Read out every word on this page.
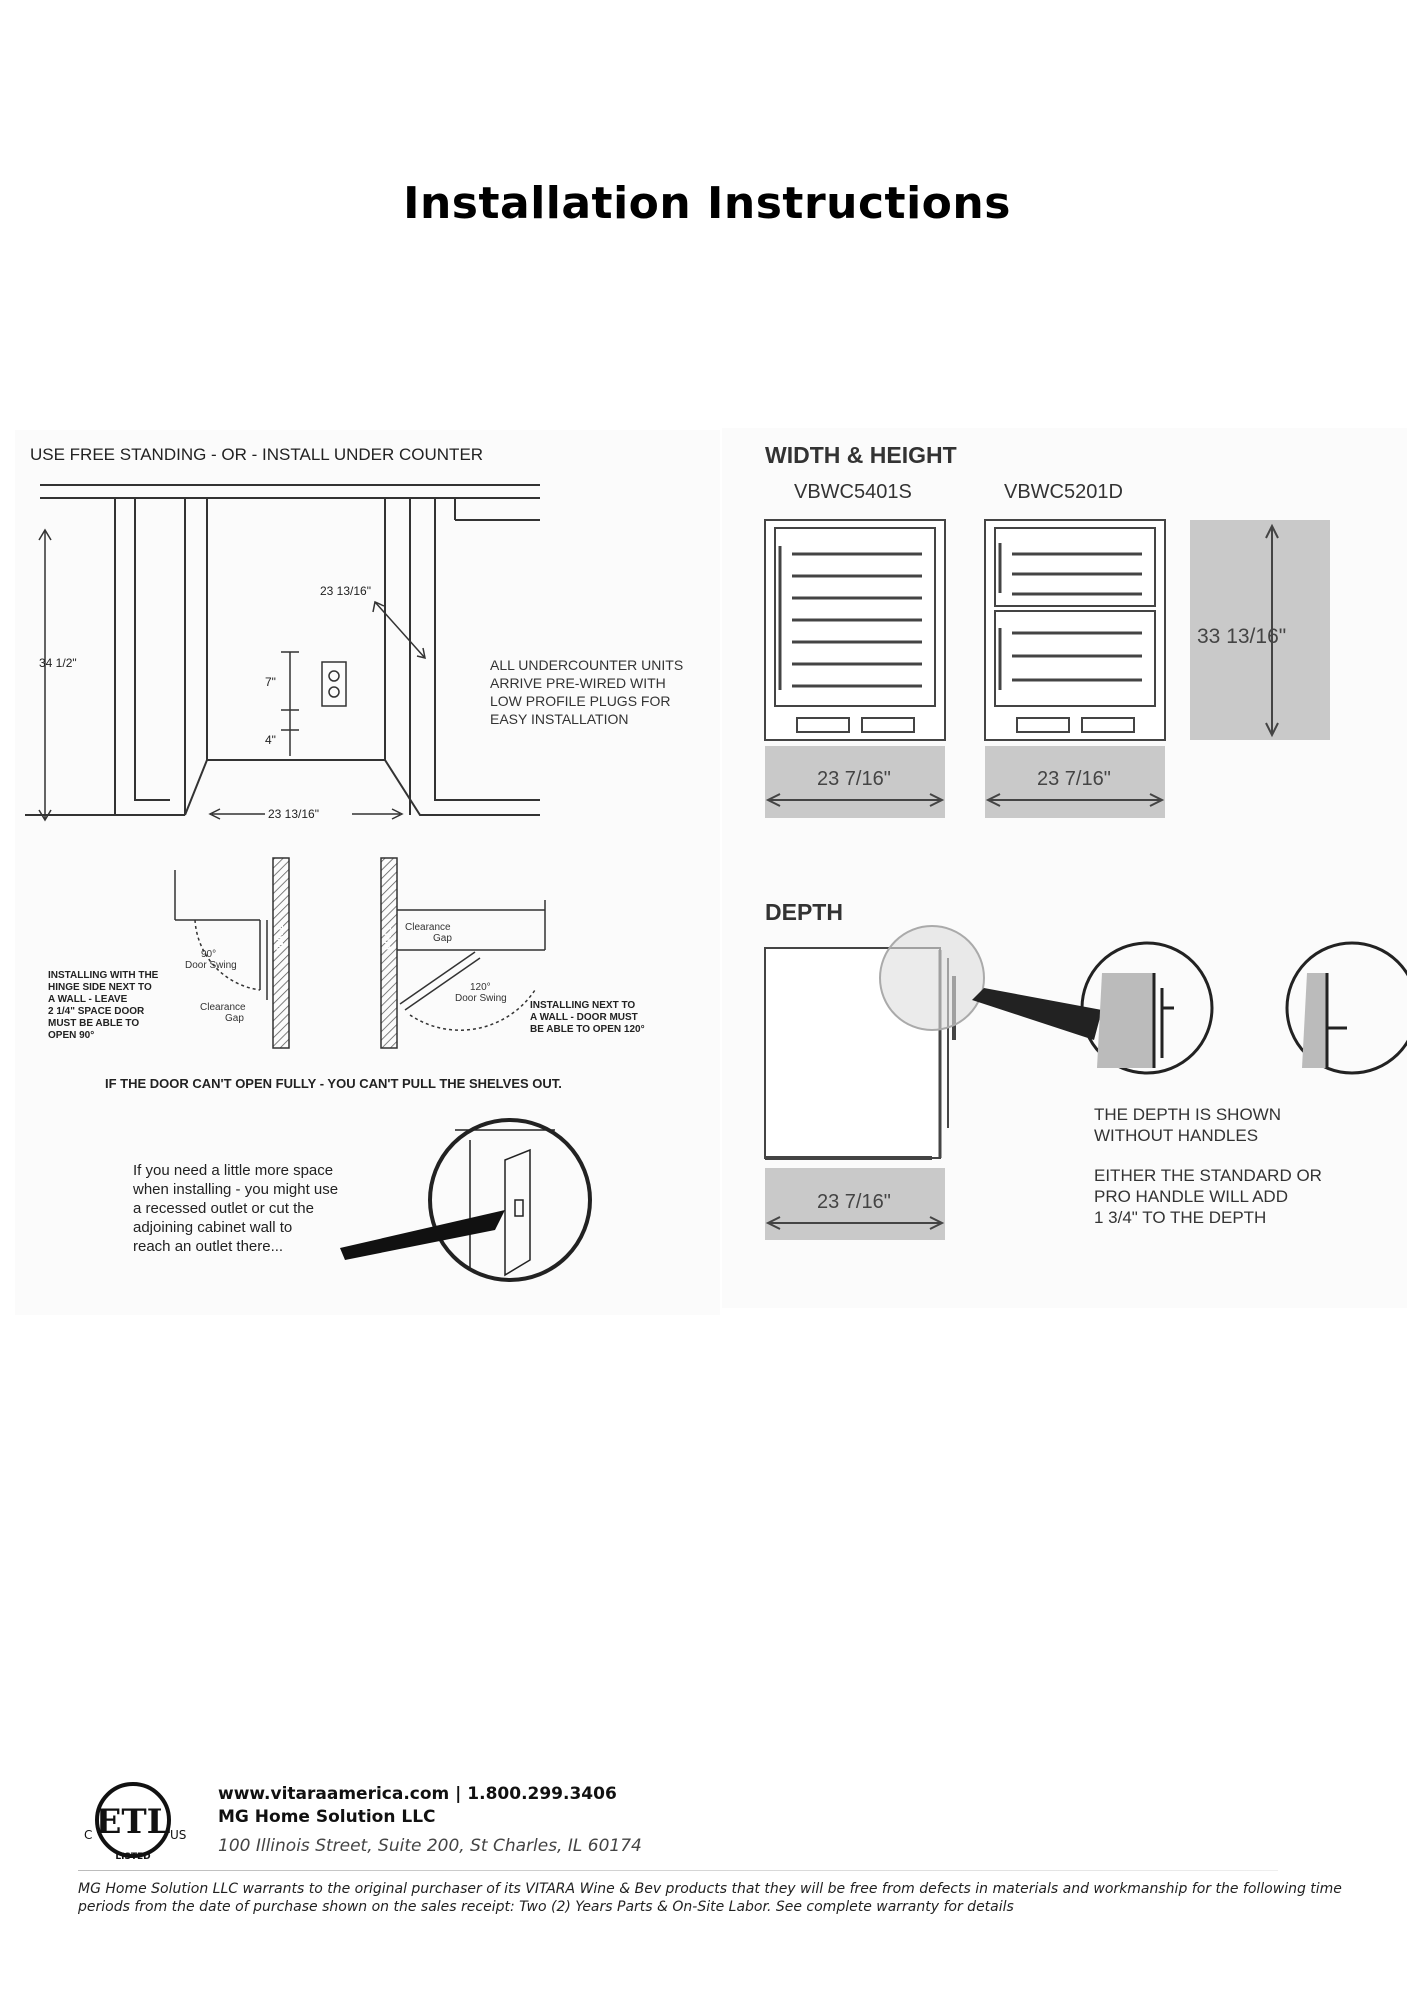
Installation Instructions
USE FREE STANDING - OR - INSTALL UNDER COUNTER
34 1/2"
23 13/16"
7"
4"
23 13/16"
ALL UNDERCOUNTER UNITS
ARRIVE PRE-WIRED WITH
LOW PROFILE PLUGS FOR
EASY INSTALLATION
WALL	WALL
90°
Door Swing
Clearance
Gap
Clearance
Gap
120°
Door Swing
INSTALLING WITH THE
HINGE SIDE NEXT TO
A WALL - LEAVE
2 1/4" SPACE DOOR
MUST BE ABLE TO
OPEN 90°
INSTALLING NEXT TO
A WALL - DOOR MUST
BE ABLE TO OPEN 120°
IF THE DOOR CAN'T OPEN FULLY - YOU CAN'T PULL THE SHELVES OUT.
If you need a little more space
when installing - you might use
a recessed outlet or cut the
adjoining cabinet wall to
reach an outlet there...
WIDTH & HEIGHT
VBWC5401S	VBWC5201D
33 13/16"
23 7/16"	23 7/16"
DEPTH
THE DEPTH IS SHOWN
WITHOUT HANDLES
EITHER THE STANDARD OR
PRO HANDLE WILL ADD
1 3/4" TO THE DEPTH
23 7/16"
ETL
C	US
LISTED
www.vitaraamerica.com | 1.800.299.3406
MG Home Solution LLC
100 Illinois Street, Suite 200, St Charles, IL 60174
MG Home Solution LLC warrants to the original purchaser of its VITARA Wine & Bev products that they will be free from defects in materials and workmanship for the following time periods from the date of purchase shown on the sales receipt: Two (2) Years Parts & On-Site Labor. See complete warranty for details
